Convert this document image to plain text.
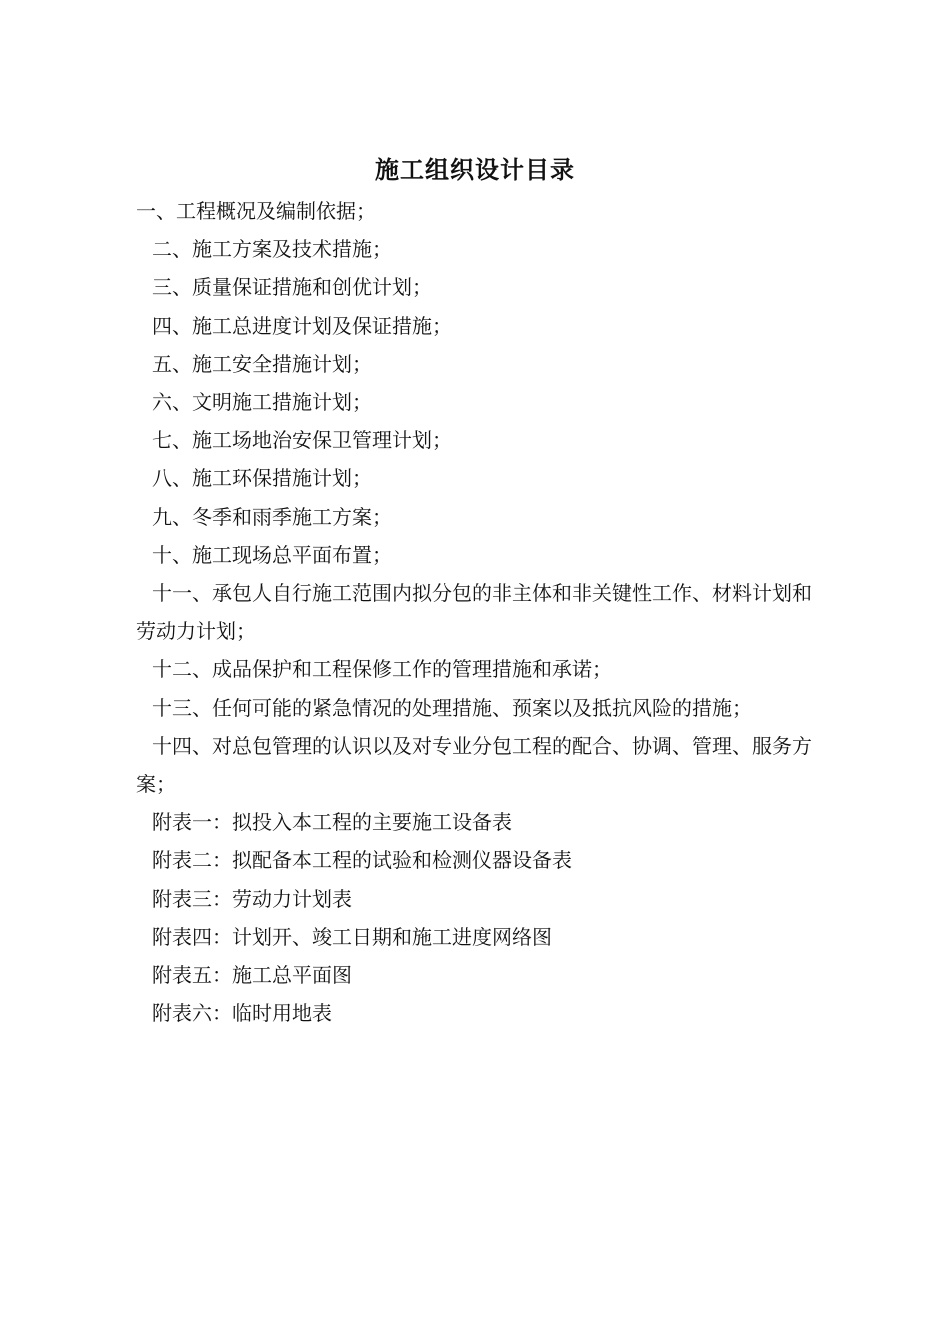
施工组织设计目录
一、工程概况及编制依据；
二、施工方案及技术措施；
三、质量保证措施和创优计划；
四、施工总进度计划及保证措施；
五、施工安全措施计划；
六、文明施工措施计划；
七、施工场地治安保卫管理计划；
八、施工环保措施计划；
九、冬季和雨季施工方案；
十、施工现场总平面布置；
十一、承包人自行施工范围内拟分包的非主体和非关键性工作、材料计划和劳动力计划；
十二、成品保护和工程保修工作的管理措施和承诺；
十三、任何可能的紧急情况的处理措施、预案以及抵抗风险的措施；
十四、对总包管理的认识以及对专业分包工程的配合、协调、管理、服务方案；
附表一：拟投入本工程的主要施工设备表
附表二：拟配备本工程的试验和检测仪器设备表
附表三：劳动力计划表
附表四：计划开、竣工日期和施工进度网络图
附表五：施工总平面图
附表六：临时用地表
